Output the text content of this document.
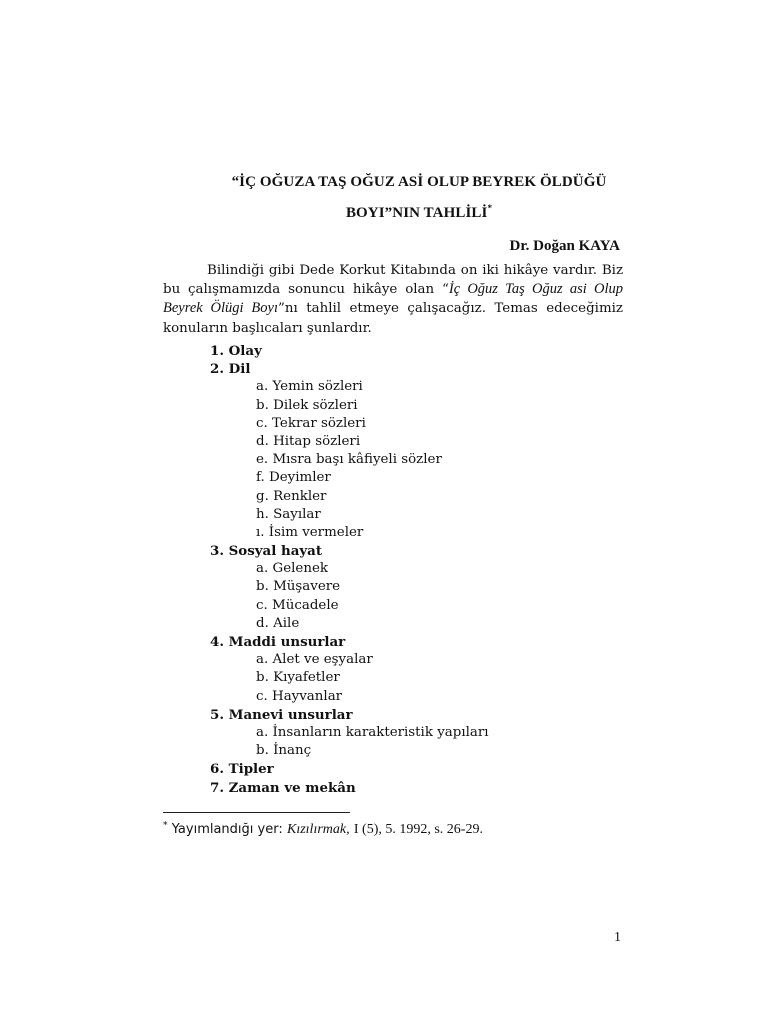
“İÇ OĞUZA TAŞ OĞUZ ASİ OLUP BEYREK ÖLDÜĞÜ
BOYI”NIN TAHLİLİ*
Dr. Doğan KAYA
Bilindiği gibi Dede Korkut Kitabında on iki hikâye vardır. Biz bu çalışmamızda sonuncu hikâye olan “İç Oğuz Taş Oğuz asi Olup Beyrek Ölügi Boyı”nı tahlil etmeye çalışacağız. Temas edeceğimiz konuların başlıcaları şunlardır.
1. Olay
2. Dil
a. Yemin sözleri
b. Dilek sözleri
c. Tekrar sözleri
d. Hitap sözleri
e. Mısra başı kâfiyeli sözler
f. Deyimler
g. Renkler
h. Sayılar
ı. İsim vermeler
3. Sosyal hayat
a. Gelenek
b. Müşavere
c. Mücadele
d. Aile
4. Maddi unsurlar
a. Alet ve eşyalar
b. Kıyafetler
c. Hayvanlar
5. Manevi unsurlar
a. İnsanların karakteristik yapıları
b. İnanç
6. Tipler
7. Zaman ve mekân
* Yayımlandığı yer: Kızılırmak, I (5), 5. 1992, s. 26-29.
1
